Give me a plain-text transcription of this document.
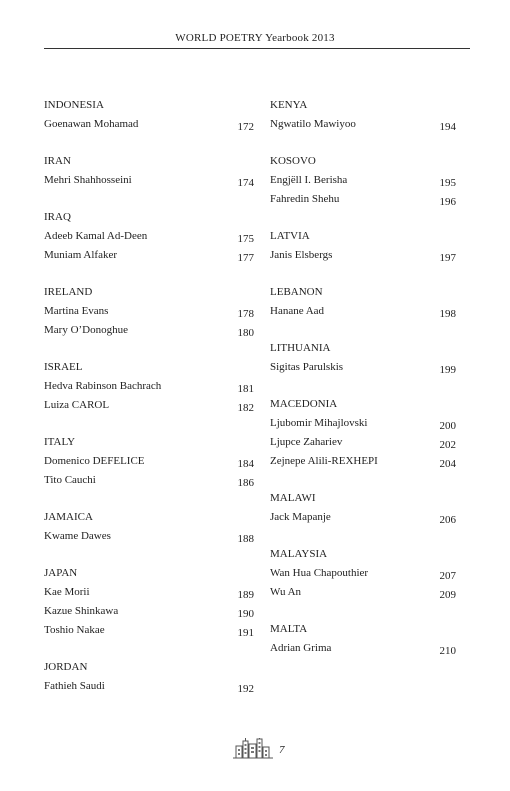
WORLD POETRY Yearbook 2013
INDONESIA
Goenawan Mohamad	172
IRAN
Mehri Shahhosseini	174
IRAQ
Adeeb Kamal Ad-Deen	175
Muniam Alfaker	177
IRELAND
Martina Evans	178
Mary O’Donoghue	180
ISRAEL
Hedva Rabinson Bachrach	181
Luiza CAROL	182
ITALY
Domenico DEFELICE	184
Tito Cauchi	186
JAMAICA
Kwame Dawes	188
JAPAN
Kae Morii	189
Kazue Shinkawa	190
Toshio Nakae	191
JORDAN
Fathieh Saudi	192
KENYA
Ngwatilo Mawiyoo	194
KOSOVO
Engjëll I. Berisha	195
Fahredin Shehu	196
LATVIA
Janis Elsbergs	197
LEBANON
Hanane Aad	198
LITHUANIA
Sigitas Parulskis	199
MACEDONIA
Ljubomir Mihajlovski	200
Ljupce Zahariev	202
Zejnepe Alili-REXHEPI	204
MALAWI
Jack Mapanje	206
MALAYSIA
Wan Hua Chapouthier	207
Wu An	209
MALTA
Adrian Grima	210
7
